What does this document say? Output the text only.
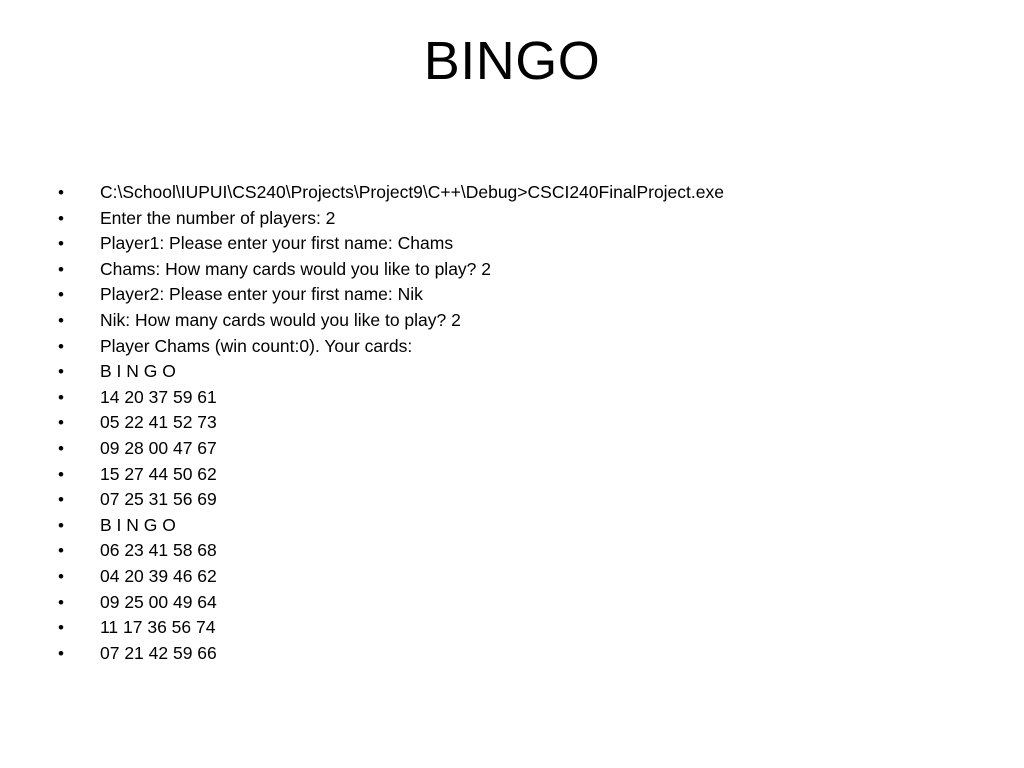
BINGO
•	C:\School\IUPUI\CS240\Projects\Project9\C++\Debug>CSCI240FinalProject.exe
•	Enter the number of players: 2
•	Player1: Please enter your first name: Chams
•	Chams: How many cards would you like to play? 2
•	Player2: Please enter your first name: Nik
•	Nik: How many cards would you like to play? 2
•	Player Chams (win count:0). Your cards:
•	B I N G O
•	14 20 37 59 61
•	05 22 41 52 73
•	09 28 00 47 67
•	15 27 44 50 62
•	07 25 31 56 69
•	B I N G O
•	06 23 41 58 68
•	04 20 39 46 62
•	09 25 00 49 64
•	11 17 36 56 74
•	07 21 42 59 66
